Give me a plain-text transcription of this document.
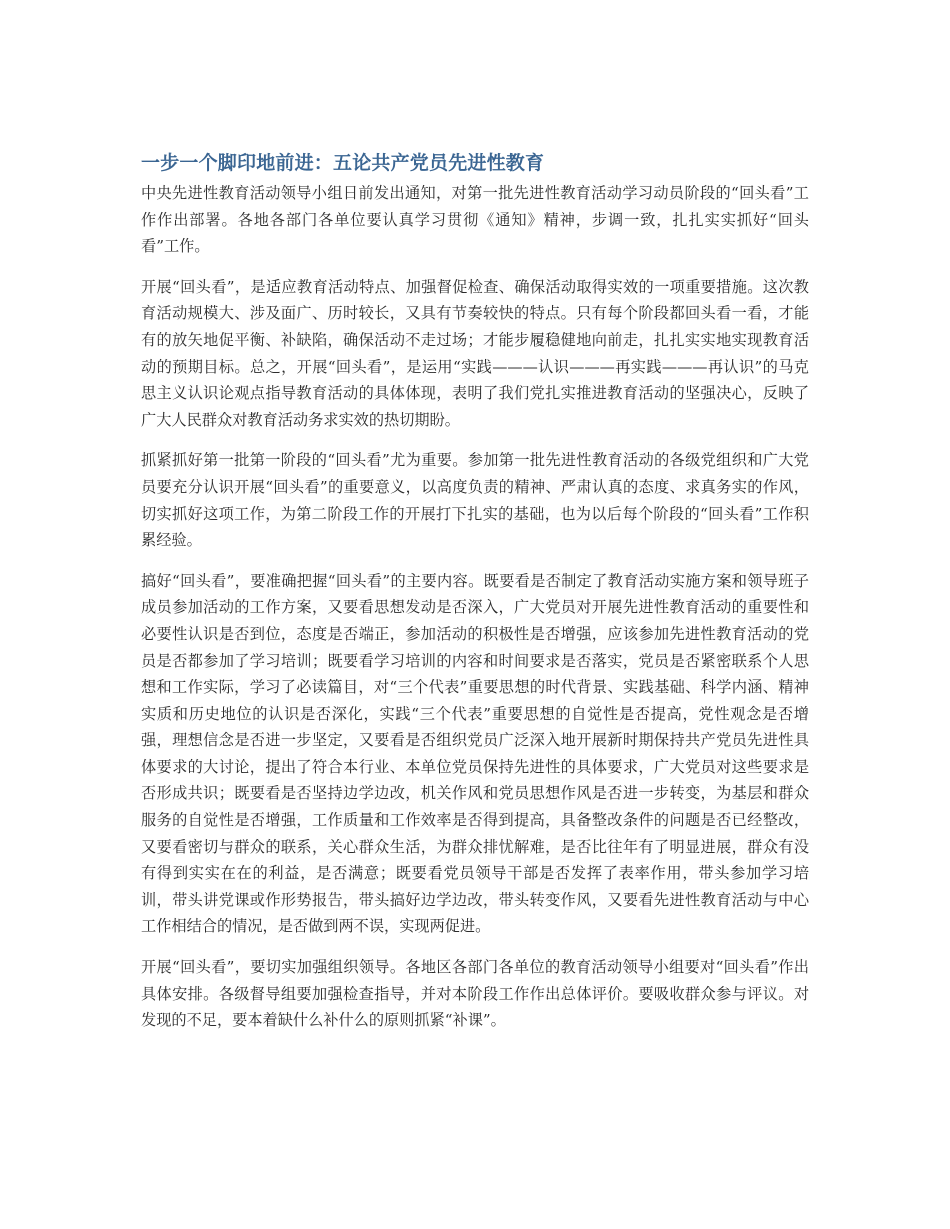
一步一个脚印地前进：五论共产党员先进性教育

中央先进性教育活动领导小组日前发出通知，对第一批先进性教育活动学习动员阶段的“回头看”工作作出部署。各地各部门各单位要认真学习贯彻《通知》精神，步调一致，扎扎实实抓好“回头看”工作。

开展“回头看”，是适应教育活动特点、加强督促检查、确保活动取得实效的一项重要措施。这次教育活动规模大、涉及面广、历时较长，又具有节奏较快的特点。只有每个阶段都回头看一看，才能有的放矢地促平衡、补缺陷，确保活动不走过场；才能步履稳健地向前走，扎扎实实地实现教育活动的预期目标。总之，开展“回头看”，是运用“实践———认识———再实践———再认识”的马克思主义认识论观点指导教育活动的具体体现，表明了我们党扎实推进教育活动的坚强决心，反映了广大人民群众对教育活动务求实效的热切期盼。

抓紧抓好第一批第一阶段的“回头看”尤为重要。参加第一批先进性教育活动的各级党组织和广大党员要充分认识开展“回头看”的重要意义，以高度负责的精神、严肃认真的态度、求真务实的作风，切实抓好这项工作，为第二阶段工作的开展打下扎实的基础，也为以后每个阶段的“回头看”工作积累经验。

搞好“回头看”，要准确把握“回头看”的主要内容。既要看是否制定了教育活动实施方案和领导班子成员参加活动的工作方案，又要看思想发动是否深入，广大党员对开展先进性教育活动的重要性和必要性认识是否到位，态度是否端正，参加活动的积极性是否增强，应该参加先进性教育活动的党员是否都参加了学习培训；既要看学习培训的内容和时间要求是否落实，党员是否紧密联系个人思想和工作实际，学习了必读篇目，对“三个代表”重要思想的时代背景、实践基础、科学内涵、精神实质和历史地位的认识是否深化，实践“三个代表”重要思想的自觉性是否提高，党性观念是否增强，理想信念是否进一步坚定，又要看是否组织党员广泛深入地开展新时期保持共产党员先进性具体要求的大讨论，提出了符合本行业、本单位党员保持先进性的具体要求，广大党员对这些要求是否形成共识；既要看是否坚持边学边改，机关作风和党员思想作风是否进一步转变，为基层和群众服务的自觉性是否增强，工作质量和工作效率是否得到提高，具备整改条件的问题是否已经整改，又要看密切与群众的联系，关心群众生活，为群众排忧解难，是否比往年有了明显进展，群众有没有得到实实在在的利益，是否满意；既要看党员领导干部是否发挥了表率作用，带头参加学习培训，带头讲党课或作形势报告，带头搞好边学边改，带头转变作风，又要看先进性教育活动与中心工作相结合的情况，是否做到两不误，实现两促进。

开展“回头看”，要切实加强组织领导。各地区各部门各单位的教育活动领导小组要对“回头看”作出具体安排。各级督导组要加强检查指导，并对本阶段工作作出总体评价。要吸收群众参与评议。对发现的不足，要本着缺什么补什么的原则抓紧“补课”。
